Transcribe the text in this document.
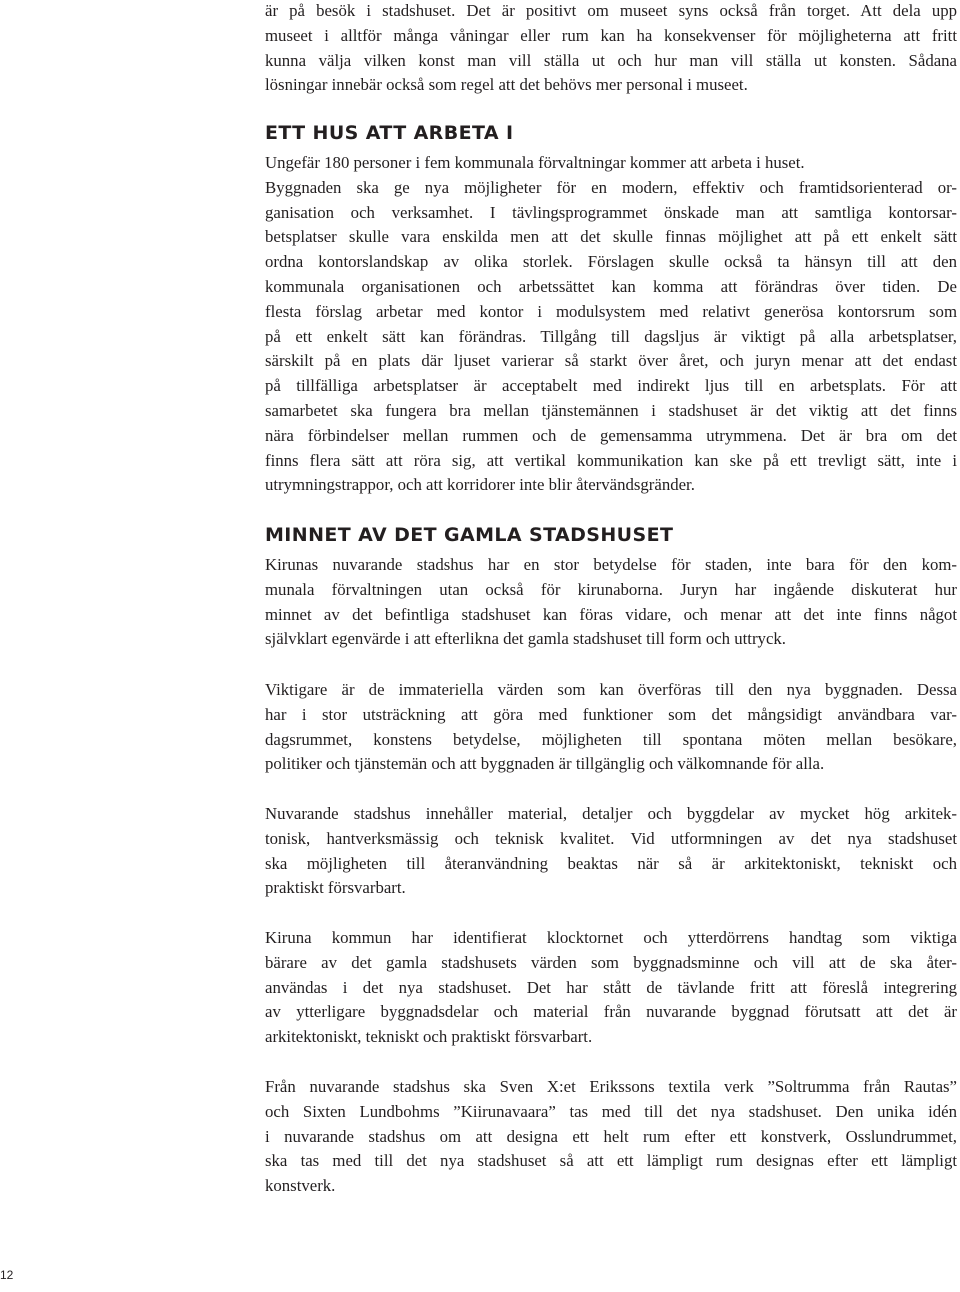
är på besök i stadshuset. Det är positivt om museet syns också från torget. Att dela upp
museet i alltför många våningar eller rum kan ha konsekvenser för möjligheterna att fritt
kunna välja vilken konst man vill ställa ut och hur man vill ställa ut konsten. Sådana
lösningar innebär också som regel att det behövs mer personal i museet.
ETT HUS ATT ARBETA I
Ungefär 180 personer i fem kommunala förvaltningar kommer att arbeta i huset.
Byggnaden ska ge nya möjligheter för en modern, effektiv och framtidsorienterad or-
ganisation och verksamhet. I tävlingsprogrammet önskade man att samtliga kontorsar-
betsplatser skulle vara enskilda men att det skulle finnas möjlighet att på ett enkelt sätt
ordna kontorslandskap av olika storlek. Förslagen skulle också ta hänsyn till att den
kommunala organisationen och arbetssättet kan komma att förändras över tiden. De
flesta förslag arbetar med kontor i modulsystem med relativt generösa kontorsrum som
på ett enkelt sätt kan förändras. Tillgång till dagsljus är viktigt på alla arbetsplatser,
särskilt på en plats där ljuset varierar så starkt över året, och juryn menar att det endast
på tillfälliga arbetsplatser är acceptabelt med indirekt ljus till en arbetsplats. För att
samarbetet ska fungera bra mellan tjänstemännen i stadshuset är det viktig att det finns
nära förbindelser mellan rummen och de gemensamma utrymmena. Det är bra om det
finns flera sätt att röra sig, att vertikal kommunikation kan ske på ett trevligt sätt, inte i
utrymningstrappor, och att korridorer inte blir återvändsgränder.
MINNET AV DET GAMLA STADSHUSET
Kirunas nuvarande stadshus har en stor betydelse för staden, inte bara för den kom-
munala förvaltningen utan också för kirunaborna. Juryn har ingående diskuterat hur
minnet av det befintliga stadshuset kan föras vidare, och menar att det inte finns något
självklart egenvärde i att efterlikna det gamla stadshuset till form och uttryck.
Viktigare är de immateriella värden som kan överföras till den nya byggnaden. Dessa
har i stor utsträckning att göra med funktioner som det mångsidigt användbara var-
dagsrummet, konstens betydelse, möjligheten till spontana möten mellan besökare,
politiker och tjänstemän och att byggnaden är tillgänglig och välkomnande för alla.
Nuvarande stadshus innehåller material, detaljer och byggdelar av mycket hög arkitek-
tonisk, hantverksmässig och teknisk kvalitet. Vid utformningen av det nya stadshuset
ska möjligheten till återanvändning beaktas när så är arkitektoniskt, tekniskt och
praktiskt försvarbart.
Kiruna kommun har identifierat klocktornet och ytterdörrens handtag som viktiga
bärare av det gamla stadshusets värden som byggnadsminne och vill att de ska åter-
användas i det nya stadshuset. Det har stått de tävlande fritt att föreslå integrering
av ytterligare byggnadsdelar och material från nuvarande byggnad förutsatt att det är
arkitektoniskt, tekniskt och praktiskt försvarbart.
Från nuvarande stadshus ska Sven X:et Erikssons textila verk ”Soltrumma från Rautas”
och Sixten Lundbohms ”Kiirunavaara” tas med till det nya stadshuset. Den unika idén
i nuvarande stadshus om att designa ett helt rum efter ett konstverk, Osslundrummet,
ska tas med till det nya stadshuset så att ett lämpligt rum designas efter ett lämpligt
konstverk.
12
